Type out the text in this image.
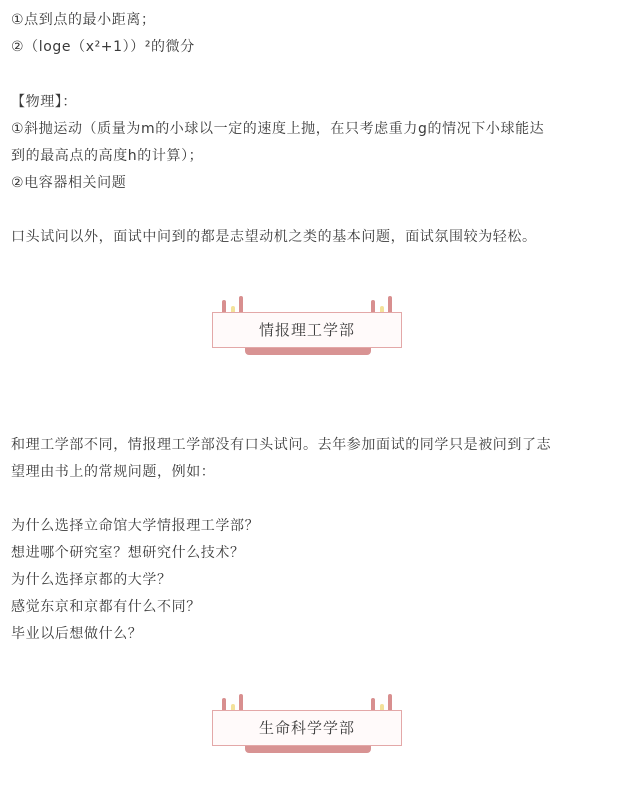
①点到点的最小距离；
②（loge（x²+1））²的微分
【物理】：
①斜抛运动（质量为m的小球以一定的速度上抛，在只考虑重力g的情况下小球能达
到的最高点的高度h的计算）；
②电容器相关问题
口头试问以外，面试中问到的都是志望动机之类的基本问题，面试氛围较为轻松。
情报理工学部
和理工学部不同，情报理工学部没有口头试问。去年参加面试的同学只是被问到了志
望理由书上的常规问题，例如：
为什么选择立命馆大学情报理工学部？
想进哪个研究室？想研究什么技术？
为什么选择京都的大学？
感觉东京和京都有什么不同？
毕业以后想做什么？
生命科学学部
